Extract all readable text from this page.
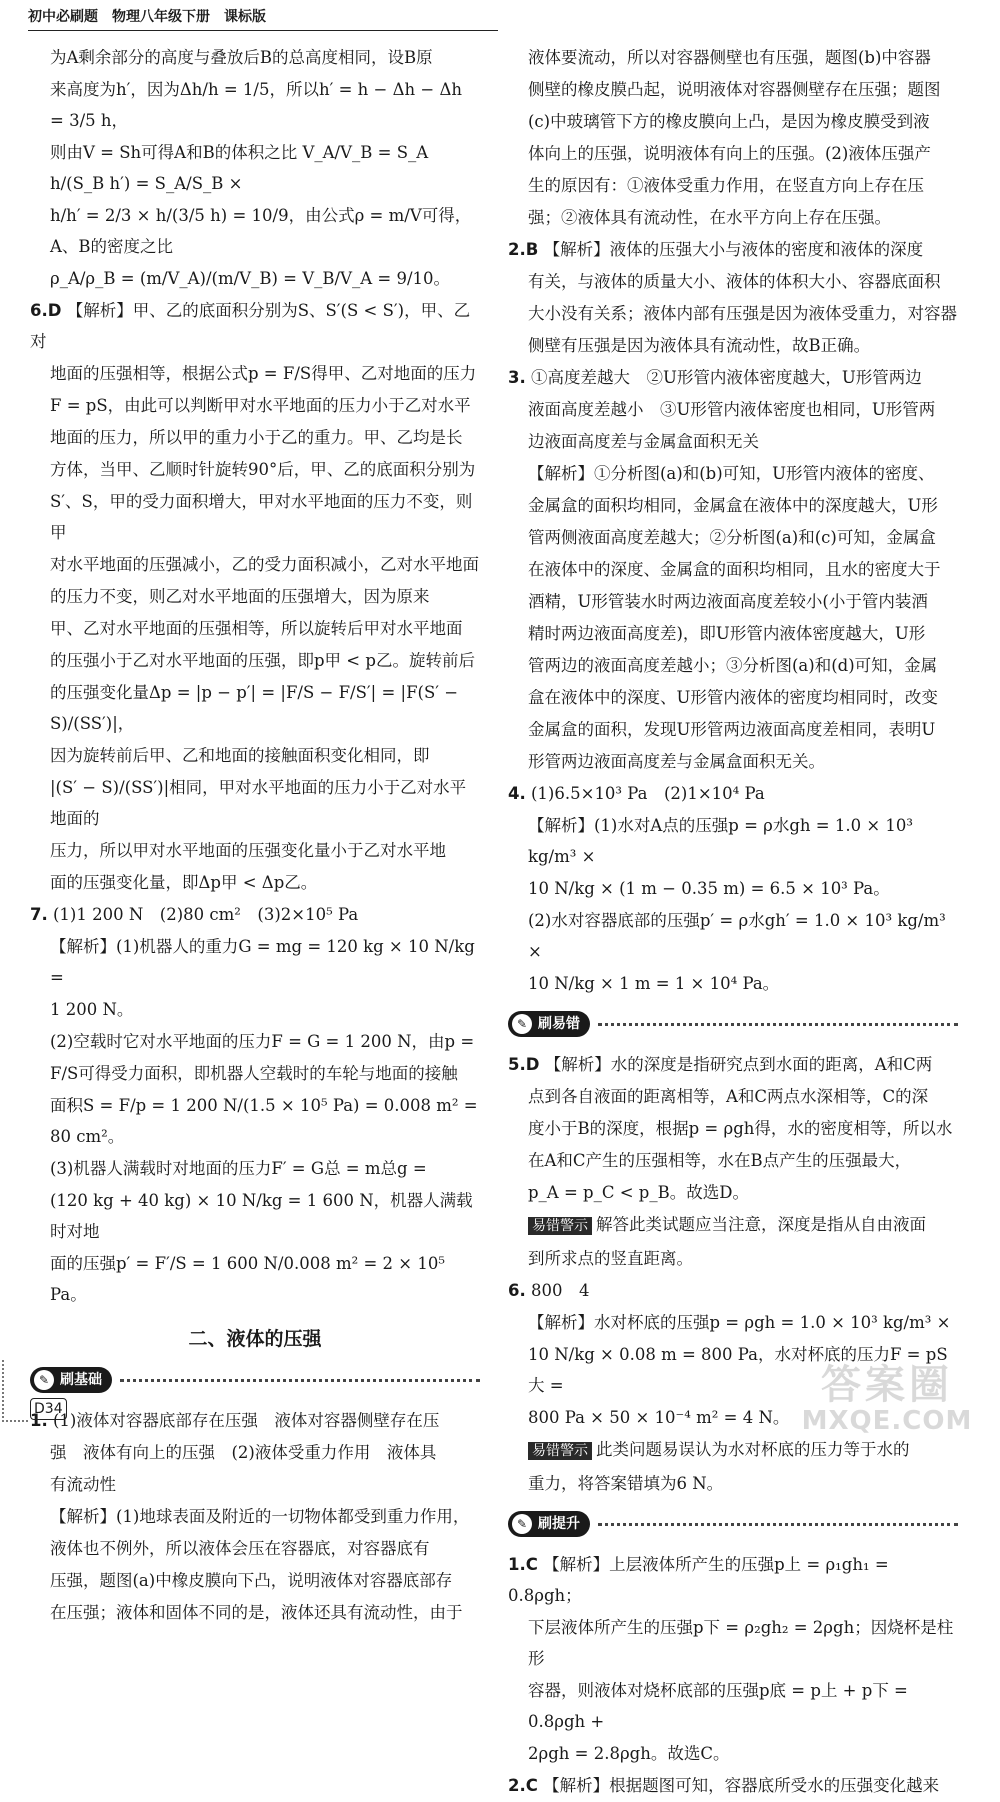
初中必刷题　物理八年级下册　课标版
为A剩余部分的高度与叠放后B的总高度相同，设B原
来高度为h′，因为Δh/h = 1/5，所以h′ = h − Δh − Δh = 3/5 h，
则由V = Sh可得A和B的体积之比 V_A/V_B = S_A h/(S_B h′) = S_A/S_B ×
h/h′ = 2/3 × h/(3/5 h) = 10/9，由公式ρ = m/V可得，A、B的密度之比
ρ_A/ρ_B = (m/V_A)/(m/V_B) = V_B/V_A = 9/10。
6.D 【解析】甲、乙的底面积分别为S、S′(S < S′)，甲、乙对
地面的压强相等，根据公式p = F/S得甲、乙对地面的压力
F = pS，由此可以判断甲对水平地面的压力小于乙对水平
地面的压力，所以甲的重力小于乙的重力。甲、乙均是长
方体，当甲、乙顺时针旋转90°后，甲、乙的底面积分别为
S′、S，甲的受力面积增大，甲对水平地面的压力不变，则甲
对水平地面的压强减小，乙的受力面积减小，乙对水平地面
的压力不变，则乙对水平地面的压强增大，因为原来
甲、乙对水平地面的压强相等，所以旋转后甲对水平地面
的压强小于乙对水平地面的压强，即p甲 < p乙。旋转前后
的压强变化量Δp = |p − p′| = |F/S − F/S′| = |F(S′ − S)/(SS′)|，
因为旋转前后甲、乙和地面的接触面积变化相同，即
|(S′ − S)/(SS′)|相同，甲对水平地面的压力小于乙对水平地面的
压力，所以甲对水平地面的压强变化量小于乙对水平地
面的压强变化量，即Δp甲 < Δp乙。
7. (1)1 200 N　(2)80 cm²　(3)2×10⁵ Pa
【解析】(1)机器人的重力G = mg = 120 kg × 10 N/kg =
1 200 N。
(2)空载时它对水平地面的压力F = G = 1 200 N，由p =
F/S可得受力面积，即机器人空载时的车轮与地面的接触
面积S = F/p = 1 200 N/(1.5 × 10⁵ Pa) = 0.008 m² = 80 cm²。
(3)机器人满载时对地面的压力F′ = G总 = m总g =
(120 kg + 40 kg) × 10 N/kg = 1 600 N，机器人满载时对地
面的压强p′ = F′/S = 1 600 N/0.008 m² = 2 × 10⁵ Pa。
二、液体的压强
✎ 刷基础
1. (1)液体对容器底部存在压强　液体对容器侧壁存在压
强　液体有向上的压强　(2)液体受重力作用　液体具
有流动性
【解析】(1)地球表面及附近的一切物体都受到重力作用，
液体也不例外，所以液体会压在容器底，对容器底有
压强，题图(a)中橡皮膜向下凸，说明液体对容器底部存
在压强；液体和固体不同的是，液体还具有流动性，由于
液体要流动，所以对容器侧壁也有压强，题图(b)中容器
侧壁的橡皮膜凸起，说明液体对容器侧壁存在压强；题图
(c)中玻璃管下方的橡皮膜向上凸，是因为橡皮膜受到液
体向上的压强，说明液体有向上的压强。(2)液体压强产
生的原因有：①液体受重力作用，在竖直方向上存在压
强；②液体具有流动性，在水平方向上存在压强。
2.B 【解析】液体的压强大小与液体的密度和液体的深度
有关，与液体的质量大小、液体的体积大小、容器底面积
大小没有关系；液体内部有压强是因为液体受重力，对容器
侧壁有压强是因为液体具有流动性，故B正确。
3. ①高度差越大　②U形管内液体密度越大，U形管两边
液面高度差越小　③U形管内液体密度也相同，U形管两
边液面高度差与金属盒面积无关
【解析】①分析图(a)和(b)可知，U形管内液体的密度、
金属盒的面积均相同，金属盒在液体中的深度越大，U形
管两侧液面高度差越大；②分析图(a)和(c)可知，金属盒
在液体中的深度、金属盒的面积均相同，且水的密度大于
酒精，U形管装水时两边液面高度差较小(小于管内装酒
精时两边液面高度差)，即U形管内液体密度越大，U形
管两边的液面高度差越小；③分析图(a)和(d)可知，金属
盒在液体中的深度、U形管内液体的密度均相同时，改变
金属盒的面积，发现U形管两边液面高度差相同，表明U
形管两边液面高度差与金属盒面积无关。
4. (1)6.5×10³ Pa　(2)1×10⁴ Pa
【解析】(1)水对A点的压强p = ρ水gh = 1.0 × 10³ kg/m³ ×
10 N/kg × (1 m − 0.35 m) = 6.5 × 10³ Pa。
(2)水对容器底部的压强p′ = ρ水gh′ = 1.0 × 10³ kg/m³ ×
10 N/kg × 1 m = 1 × 10⁴ Pa。
✎ 刷易错
5.D 【解析】水的深度是指研究点到水面的距离，A和C两
点到各自液面的距离相等，A和C两点水深相等，C的深
度小于B的深度，根据p = ρgh得，水的密度相等，所以水
在A和C产生的压强相等，水在B点产生的压强最大，
p_A = p_C < p_B。故选D。
易错警示 解答此类试题应当注意，深度是指从自由液面
到所求点的竖直距离。
6. 800　4
【解析】水对杯底的压强p = ρgh = 1.0 × 10³ kg/m³ ×
10 N/kg × 0.08 m = 800 Pa，水对杯底的压力F = pS大 =
800 Pa × 50 × 10⁻⁴ m² = 4 N。
易错警示 此类问题易误认为水对杯底的压力等于水的
重力，将答案错填为6 N。
✎ 刷提升
1.C 【解析】上层液体所产生的压强p上 = ρ₁gh₁ = 0.8ρgh；
下层液体所产生的压强p下 = ρ₂gh₂ = 2ρgh；因烧杯是柱形
容器，则液体对烧杯底部的压强p底 = p上 + p下 = 0.8ρgh +
2ρgh = 2.8ρgh。故选C。
2.C 【解析】根据题图可知，容器底所受水的压强变化越来
D34
答案圈
MXQE.COM
